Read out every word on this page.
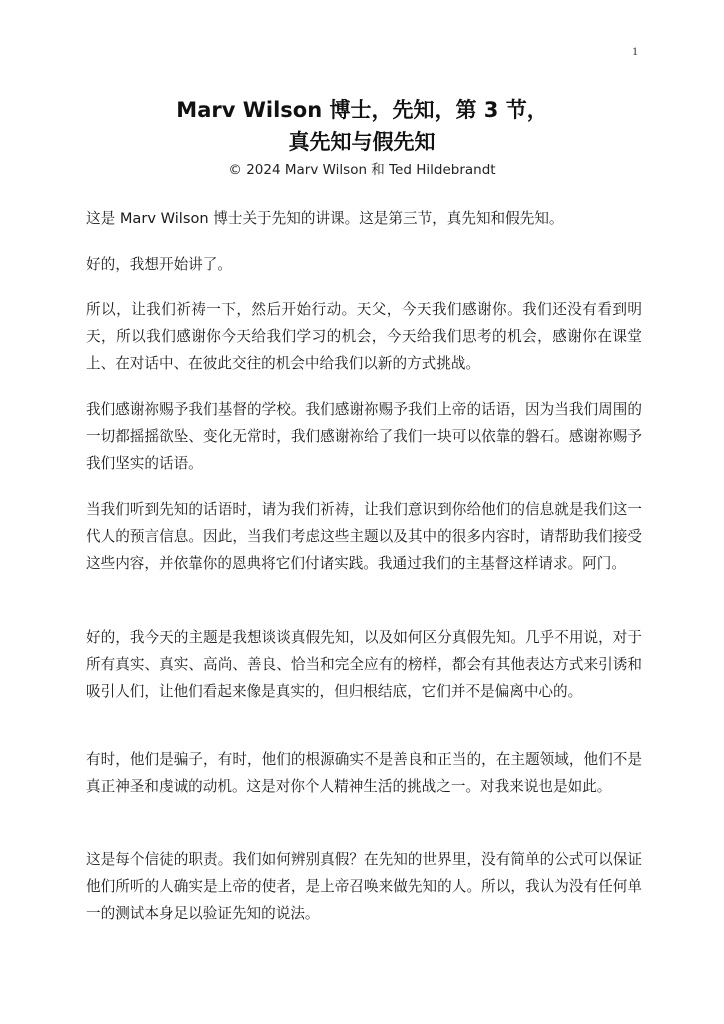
1
Marv Wilson 博士，先知，第 3 节，
真先知与假先知
© 2024 Marv Wilson 和 Ted Hildebrandt

这是 Marv Wilson 博士关于先知的讲课。这是第三节，真先知和假先知。

好的，我想开始讲了。

所以，让我们祈祷一下，然后开始行动。天父，今天我们感谢你。我们还没有看到明天，所以我们感谢你今天给我们学习的机会，今天给我们思考的机会，感谢你在课堂上、在对话中、在彼此交往的机会中给我们以新的方式挑战。

我们感谢祢赐予我们基督的学校。我们感谢祢赐予我们上帝的话语，因为当我们周围的一切都摇摇欲坠、变化无常时，我们感谢祢给了我们一块可以依靠的磐石。感谢祢赐予我们坚实的话语。

当我们听到先知的话语时，请为我们祈祷，让我们意识到你给他们的信息就是我们这一代人的预言信息。因此，当我们考虑这些主题以及其中的很多内容时，请帮助我们接受这些内容，并依靠你的恩典将它们付诸实践。我通过我们的主基督这样请求。阿门。

好的，我今天的主题是我想谈谈真假先知，以及如何区分真假先知。几乎不用说，对于所有真实、真实、高尚、善良、恰当和完全应有的榜样，都会有其他表达方式来引诱和吸引人们，让他们看起来像是真实的，但归根结底，它们并不是偏离中心的。

有时，他们是骗子，有时，他们的根源确实不是善良和正当的，在主题领域，他们不是真正神圣和虔诚的动机。这是对你个人精神生活的挑战之一。对我来说也是如此。

这是每个信徒的职责。我们如何辨别真假？在先知的世界里，没有简单的公式可以保证他们所听的人确实是上帝的使者，是上帝召唤来做先知的人。所以，我认为没有任何单一的测试本身足以验证先知的说法。
